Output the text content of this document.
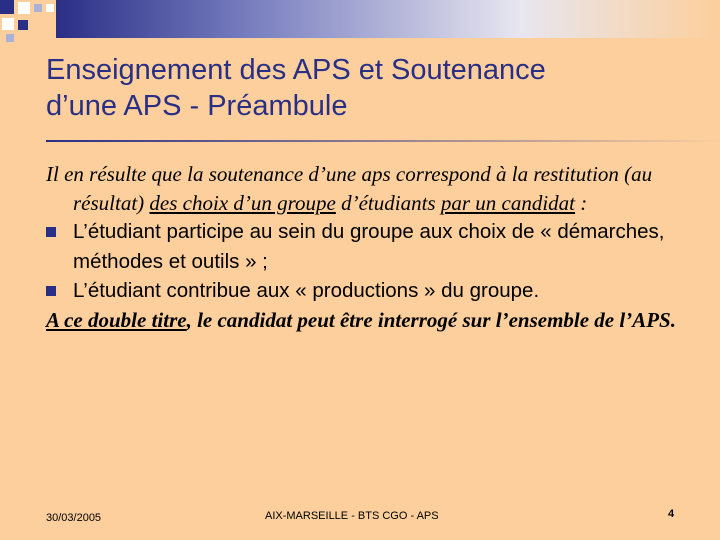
Enseignement des APS et Soutenance
d’une APS - Préambule
Il en résulte que la soutenance d’une aps correspond à la restitution (au résultat) des choix d’un groupe d’étudiants par un candidat :
L’étudiant participe au sein du groupe aux choix de « démarches, méthodes et outils » ;
L’étudiant contribue aux « productions » du groupe.
A ce double titre, le candidat peut être interrogé sur l’ensemble de l’APS.
30/03/2005	AIX-MARSEILLE - BTS CGO - APS	4
